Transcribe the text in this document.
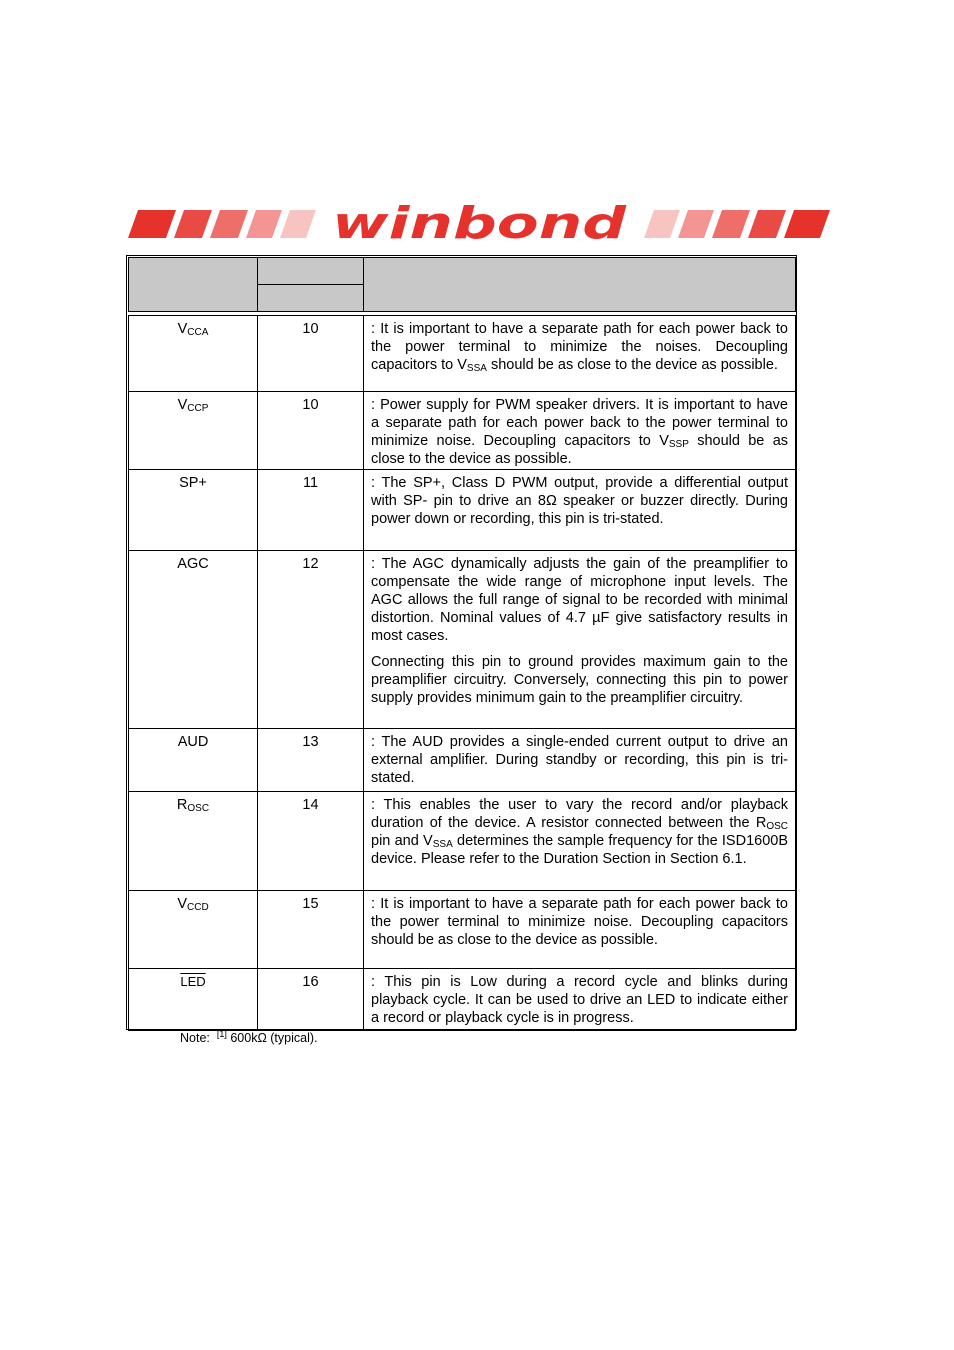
winbond

$V_{CCA}$	10	: It is important to have a separate path for each power back to the power terminal to minimize the noises. Decoupling capacitors to $V_{SSA}$ should be as close to the device as possible.

$V_{CCP}$	10	: Power supply for PWM speaker drivers. It is important to have a separate path for each power back to the power terminal to minimize noise. Decoupling capacitors to $V_{SSP}$ should be as close to the device as possible.

SP+	11	: The SP+, Class D PWM output, provide a differential output with SP- pin to drive an 8Ω speaker or buzzer directly. During power down or recording, this pin is tri-stated.

AGC	12	: The AGC dynamically adjusts the gain of the preamplifier to compensate the wide range of microphone input levels. The AGC allows the full range of signal to be recorded with minimal distortion. Nominal values of 4.7 µF give satisfactory results in most cases.

Connecting this pin to ground provides maximum gain to the preamplifier circuitry. Conversely, connecting this pin to power supply provides minimum gain to the preamplifier circuitry.

AUD	13	: The AUD provides a single-ended current output to drive an external amplifier. During standby or recording, this pin is tri-stated.

$R_{OSC}$	14	: This enables the user to vary the record and/or playback duration of the device. A resistor connected between the $R_{OSC}$ pin and $V_{SSA}$ determines the sample frequency for the ISD1600B device. Please refer to the Duration Section in Section 6.1.

$V_{CCD}$	15	: It is important to have a separate path for each power back to the power terminal to minimize noise. Decoupling capacitors should be as close to the device as possible.

$\overline{LED}$	16	: This pin is Low during a record cycle and blinks during playback cycle. It can be used to drive an LED to indicate either a record or playback cycle is in progress.

Note: [1] 600kΩ (typical).
